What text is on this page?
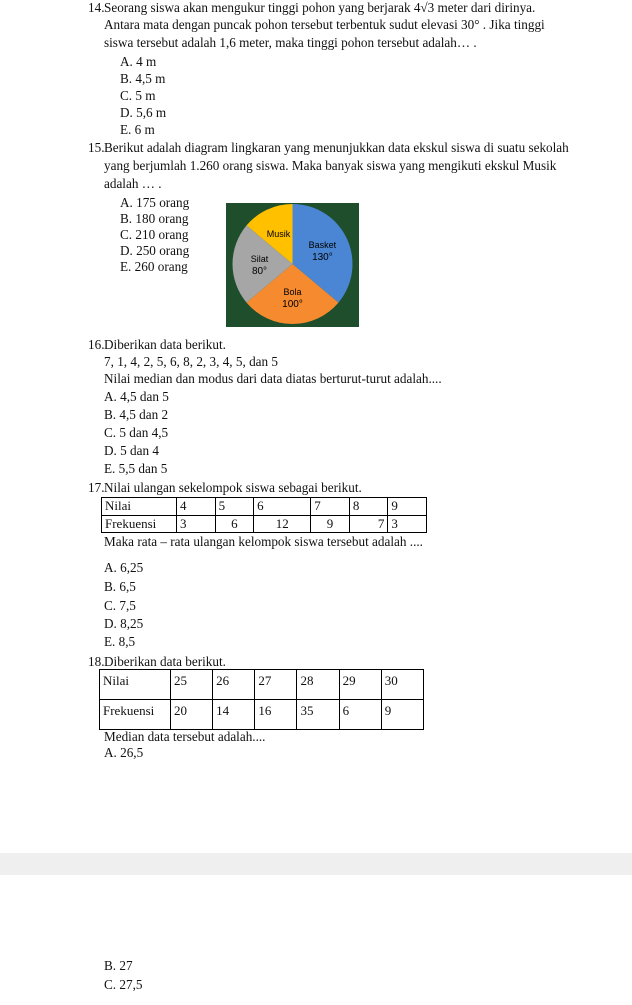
14. Seorang siswa akan mengukur tinggi pohon yang berjarak 4√3 meter dari dirinya.
Antara mata dengan puncak pohon tersebut terbentuk sudut elevasi 30° . Jika tinggi
siswa tersebut adalah 1,6 meter, maka tinggi pohon tersebut adalah… .
A. 4 m
B. 4,5 m
C. 5 m
D. 5,6 m
E. 6 m
15. Berikut adalah diagram lingkaran yang menunjukkan data ekskul siswa di suatu sekolah
yang berjumlah 1.260 orang siswa. Maka banyak siswa yang mengikuti ekskul Musik
adalah … .
A. 175 orang
B. 180 orang
C. 210 orang
D. 250 orang
E. 260 orang
Musik
Basket
130°
Bola
100°
Silat
80°
16. Diberikan data berikut.
7, 1, 4, 2, 5, 6, 8, 2, 3, 4, 5, dan 5
Nilai median dan modus dari data diatas berturut-turut adalah....
A. 4,5 dan 5
B. 4,5 dan 2
C. 5 dan 4,5
D. 5 dan 4
E. 5,5 dan 5
17. Nilai ulangan sekelompok siswa sebagai berikut.
Nilai	4	5	6	7	8	9
Frekuensi	3	6	12	9	7	3
Maka rata – rata ulangan kelompok siswa tersebut adalah ....
A. 6,25
B. 6,5
C. 7,5
D. 8,25
E. 8,5
18. Diberikan data berikut.
Nilai	25	26	27	28	29	30
Frekuensi	20	14	16	35	6	9
Median data tersebut adalah....
A. 26,5
B. 27
C. 27,5
